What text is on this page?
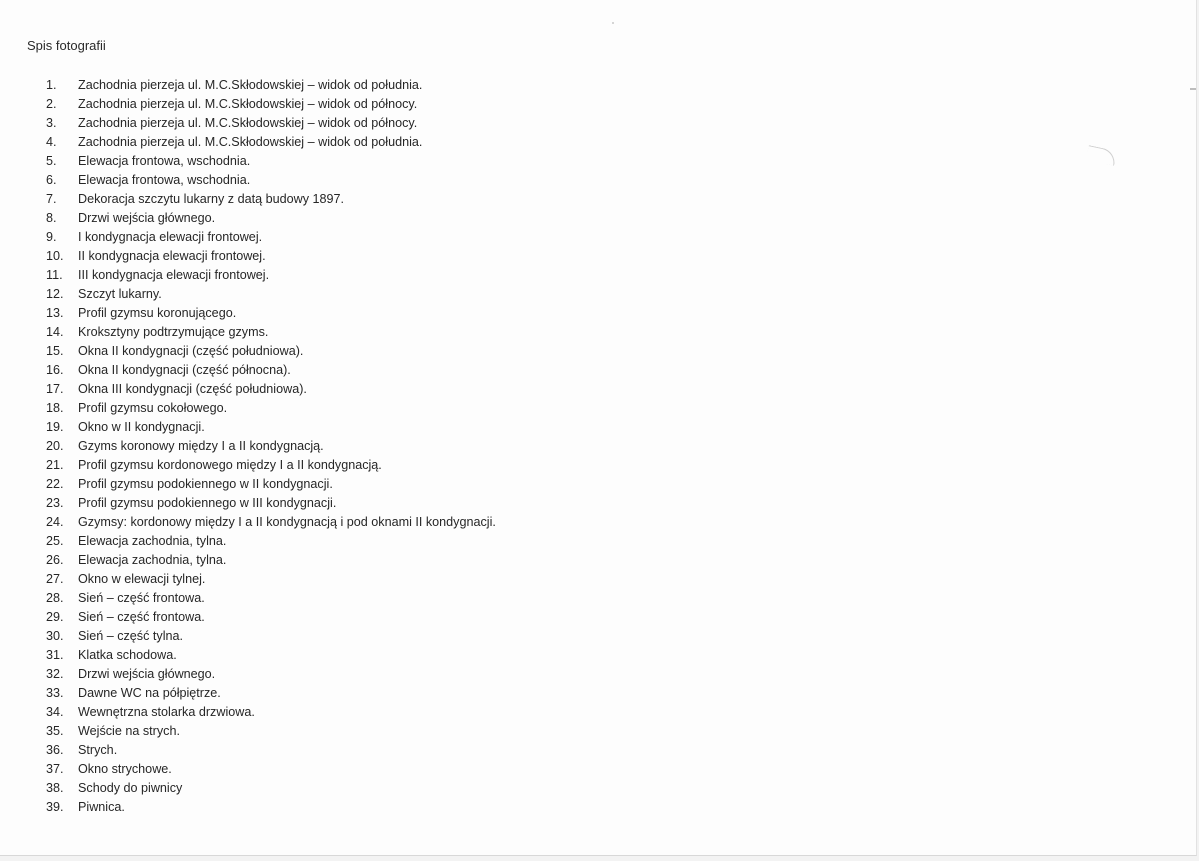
Spis fotografii
1.	Zachodnia pierzeja ul. M.C.Skłodowskiej – widok od południa.
2.	Zachodnia pierzeja ul. M.C.Skłodowskiej – widok od północy.
3.	Zachodnia pierzeja ul. M.C.Skłodowskiej – widok od północy.
4.	Zachodnia pierzeja ul. M.C.Skłodowskiej – widok od południa.
5.	Elewacja frontowa, wschodnia.
6.	Elewacja frontowa, wschodnia.
7.	Dekoracja szczytu lukarny z datą budowy 1897.
8.	Drzwi wejścia głównego.
9.	I kondygnacja elewacji frontowej.
10.	II kondygnacja elewacji frontowej.
11.	III kondygnacja elewacji frontowej.
12.	Szczyt lukarny.
13.	Profil gzymsu koronującego.
14.	Kroksztyny podtrzymujące gzyms.
15.	Okna II kondygnacji (część południowa).
16.	Okna II kondygnacji (część północna).
17.	Okna III kondygnacji (część południowa).
18.	Profil gzymsu cokołowego.
19.	Okno w II kondygnacji.
20.	Gzyms koronowy między I a II kondygnacją.
21.	Profil gzymsu kordonowego między I a II kondygnacją.
22.	Profil gzymsu podokiennego w II kondygnacji.
23.	Profil gzymsu podokiennego w III kondygnacji.
24.	Gzymsy: kordonowy między I a II kondygnacją i pod oknami II kondygnacji.
25.	Elewacja zachodnia, tylna.
26.	Elewacja zachodnia, tylna.
27.	Okno w elewacji tylnej.
28.	Sień – część frontowa.
29.	Sień – część frontowa.
30.	Sień – część tylna.
31.	Klatka schodowa.
32.	Drzwi wejścia głównego.
33.	Dawne WC na półpiętrze.
34.	Wewnętrzna stolarka drzwiowa.
35.	Wejście na strych.
36.	Strych.
37.	Okno strychowe.
38.	Schody do piwnicy
39.	Piwnica.
